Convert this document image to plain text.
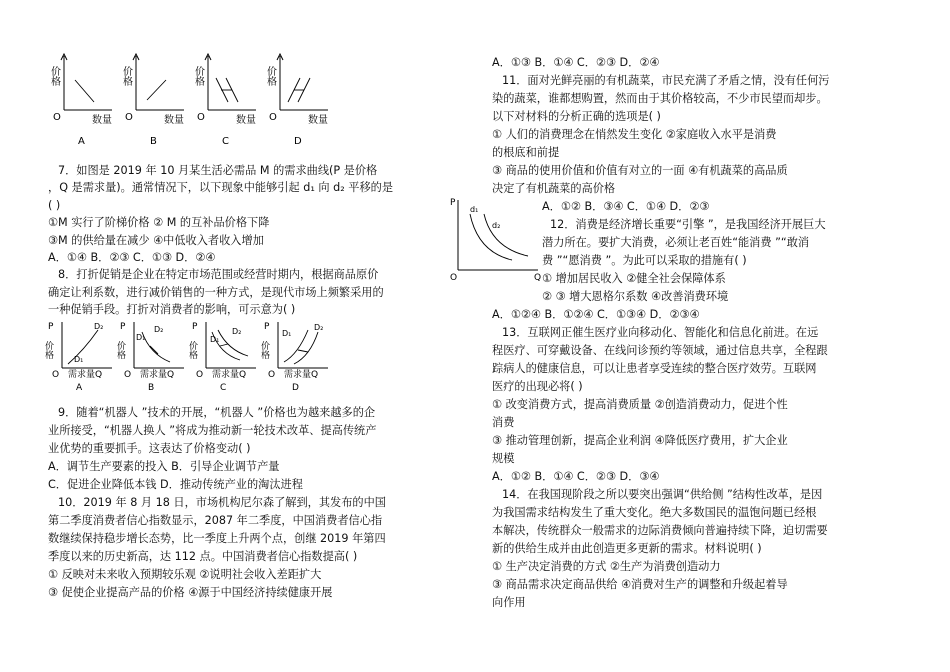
价格
O	数量
A
价格
O	数量
B
价格
O	数量
C
价格
O	数量
D
7．如图是 2019 年 10 月某生活必需品 M 的需求曲线(P 是价格
，Q 是需求量)。通常情况下，以下现象中能够引起 d₁ 向 d₂ 平移的是
( )
①M 实行了阶梯价格 ② M 的互补品价格下降
③M 的供给量在减少 ④中低收入者收入增加
A．①④ B．②③ C．①③ D．②④
8．打折促销是企业在特定市场范围或经营时期内，根据商品原价
确定让利系数，进行减价销售的一种方式，是现代市场上频繁采用的
一种促销手段。打折对消费者的影响，可示意为( )
P
价格
D₂
D₁
O 需求量Q
A
P
价格
D₁
D₂
O 需求量Q
B
P
价格
D₁
D₂
O 需求量Q
C
P
价格
D₁
D₂
O 需求量Q
D
9．随着“机器人 ”技术的开展，“机器人 ”价格也为越来越多的企
业所接受，“机器人换人 ”将成为推动新一轮技术改革、提高传统产
业优势的重要抓手。这表达了价格变动( )
A．调节生产要素的投入 B．引导企业调节产量
C．促进企业降低本钱 D．推动传统产业的淘汰进程
10．2019 年 8 月 18 日，市场机构尼尔森了解到，其发布的中国
第二季度消费者信心指数显示，2087 年二季度，中国消费者信心指
数继续保持稳步增长态势，比一季度上升两个点，创继 2019 年第四
季度以来的历史新高，达 112 点。中国消费者信心指数提高( )
① 反映对未来收入预期较乐观 ②说明社会收入差距扩大
③ 促使企业提高产品的价格 ④源于中国经济持续健康开展
A．①③ B．①④ C．②③ D．②④
11．面对光鲜亮丽的有机蔬菜，市民充满了矛盾之情，没有任何污
染的蔬菜，谁都想购置，然而由于其价格较高，不少市民望而却步。
以下对材料的分析正确的选项是( )
① 人们的消费理念在悄然发生变化 ②家庭收入水平是消费
的根底和前提
③ 商品的使用价值和价值有对立的一面 ④有机蔬菜的高品质
决定了有机蔬菜的高价格
A．①② B．③④ C．①④ D．②③
P
d₁
d₂
O	Q
12．消费是经济增长重要“引擎 ”，是我国经济开展巨大
潜力所在。要扩大消费，必须让老百姓“能消费 ”“敢消
费 ”“愿消费 ”。为此可以采取的措施有( )
① 增加居民收入 ②健全社会保障体系
② ③ 增大恩格尔系数 ④改善消费环境
A．①②④ B．①②④ C．①③④ D．②③④
13．互联网正催生医疗业向移动化、智能化和信息化前进。在远
程医疗、可穿戴设备、在线问诊预约等领域，通过信息共享，全程跟
踪病人的健康信息，可以让患者享受连续的整合医疗效劳。互联网
医疗的出现必将( )
① 改变消费方式，提高消费质量 ②创造消费动力，促进个性
消费
③ 推动管理创新，提高企业利润 ④降低医疗费用，扩大企业
规模
A．①② B．①④ C．②③ D．③④
14．在我国现阶段之所以要突出强调“供给侧 ”结构性改革，是因
为我国需求结构发生了重大变化。绝大多数国民的温饱问题已经根
本解决，传统群众一般需求的边际消费倾向普遍持续下降，迫切需要
新的供给生成并由此创造更多更新的需求。材料说明( )
① 生产决定消费的方式 ②生产为消费创造动力
③ 商品需求决定商品供给 ④消费对生产的调整和升级起着导
向作用
